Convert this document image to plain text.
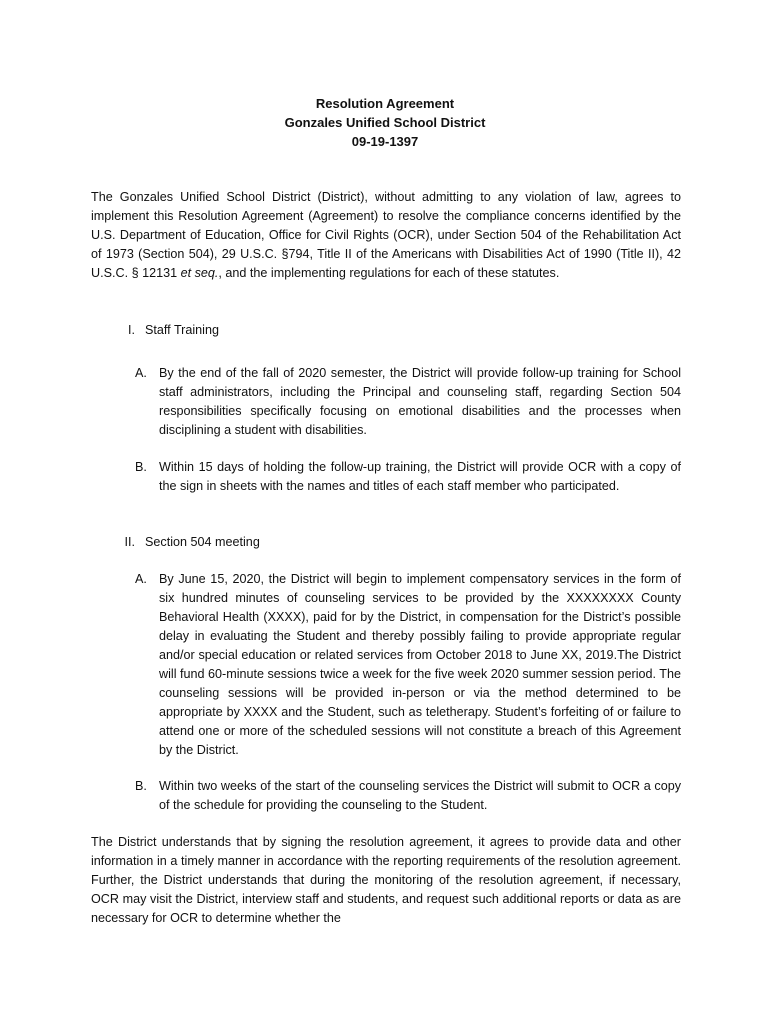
Resolution Agreement
Gonzales Unified School District
09-19-1397
The Gonzales Unified School District (District), without admitting to any violation of law, agrees to implement this Resolution Agreement (Agreement) to resolve the compliance concerns identified by the U.S. Department of Education, Office for Civil Rights (OCR), under Section 504 of the Rehabilitation Act of 1973 (Section 504), 29 U.S.C. §794, Title II of the Americans with Disabilities Act of 1990 (Title II), 42 U.S.C. § 12131 et seq., and the implementing regulations for each of these statutes.
I. Staff Training
A. By the end of the fall of 2020 semester, the District will provide follow-up training for School staff administrators, including the Principal and counseling staff, regarding Section 504 responsibilities specifically focusing on emotional disabilities and the processes when disciplining a student with disabilities.
B. Within 15 days of holding the follow-up training, the District will provide OCR with a copy of the sign in sheets with the names and titles of each staff member who participated.
II. Section 504 meeting
A. By June 15, 2020, the District will begin to implement compensatory services in the form of six hundred minutes of counseling services to be provided by the XXXXXXXX County Behavioral Health (XXXX), paid for by the District, in compensation for the District’s possible delay in evaluating the Student and thereby possibly failing to provide appropriate regular and/or special education or related services from October 2018 to June XX, 2019.The District will fund 60-minute sessions twice a week for the five week 2020 summer session period. The counseling sessions will be provided in-person or via the method determined to be appropriate by XXXX and the Student, such as teletherapy. Student’s forfeiting of or failure to attend one or more of the scheduled sessions will not constitute a breach of this Agreement by the District.
B. Within two weeks of the start of the counseling services the District will submit to OCR a copy of the schedule for providing the counseling to the Student.
The District understands that by signing the resolution agreement, it agrees to provide data and other information in a timely manner in accordance with the reporting requirements of the resolution agreement. Further, the District understands that during the monitoring of the resolution agreement, if necessary, OCR may visit the District, interview staff and students, and request such additional reports or data as are necessary for OCR to determine whether the
